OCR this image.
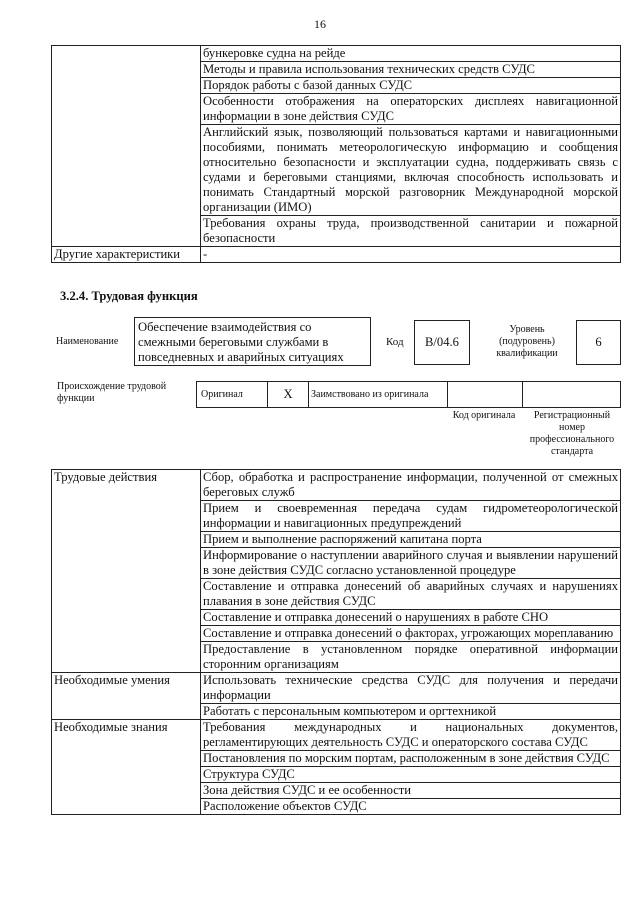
16
	бункеровке судна на рейде
	Методы и правила использования технических средств СУДС
	Порядок работы с базой данных СУДС
	Особенности отображения на операторских дисплеях навигационной информации в зоне действия СУДС
	Английский язык, позволяющий пользоваться картами и навигационными пособиями, понимать метеорологическую информацию и сообщения относительно безопасности и эксплуатации судна, поддерживать связь с судами и береговыми станциями, включая способность использовать и понимать Стандартный морской разговорник Международной морской организации (ИМО)
	Требования охраны труда, производственной санитарии и пожарной безопасности
Другие характеристики	-
3.2.4. Трудовая функция
Наименование
Обеспечение взаимодействия со смежными береговыми службами в повседневных и аварийных ситуациях
Код	B/04.6
Уровень (подуровень) квалификации
6
Происхождение трудовой функции	Оригинал	X	Заимствовано из оригинала		
Код оригинала	Регистрационный номер профессионального стандарта
Трудовые действия	Сбор, обработка и распространение информации, полученной от смежных береговых служб
	Прием и своевременная передача судам гидрометеорологической информации и навигационных предупреждений
	Прием и выполнение распоряжений капитана порта
	Информирование о наступлении аварийного случая и выявлении нарушений в зоне действия СУДС согласно установленной процедуре
	Составление и отправка донесений об аварийных случаях и нарушениях плавания в зоне действия СУДС
	Составление и отправка донесений о нарушениях в работе СНО
	Составление и отправка донесений о факторах, угрожающих мореплаванию
	Предоставление в установленном порядке оперативной информации сторонним организациям
Необходимые умения	Использовать технические средства СУДС для получения и передачи информации
	Работать с персональным компьютером и оргтехникой
Необходимые знания	Требования международных и национальных документов, регламентирующих деятельность СУДС и операторского состава СУДС
	Постановления по морским портам, расположенным в зоне действия СУДС
	Структура СУДС
	Зона действия СУДС и ее особенности
	Расположение объектов СУДС
